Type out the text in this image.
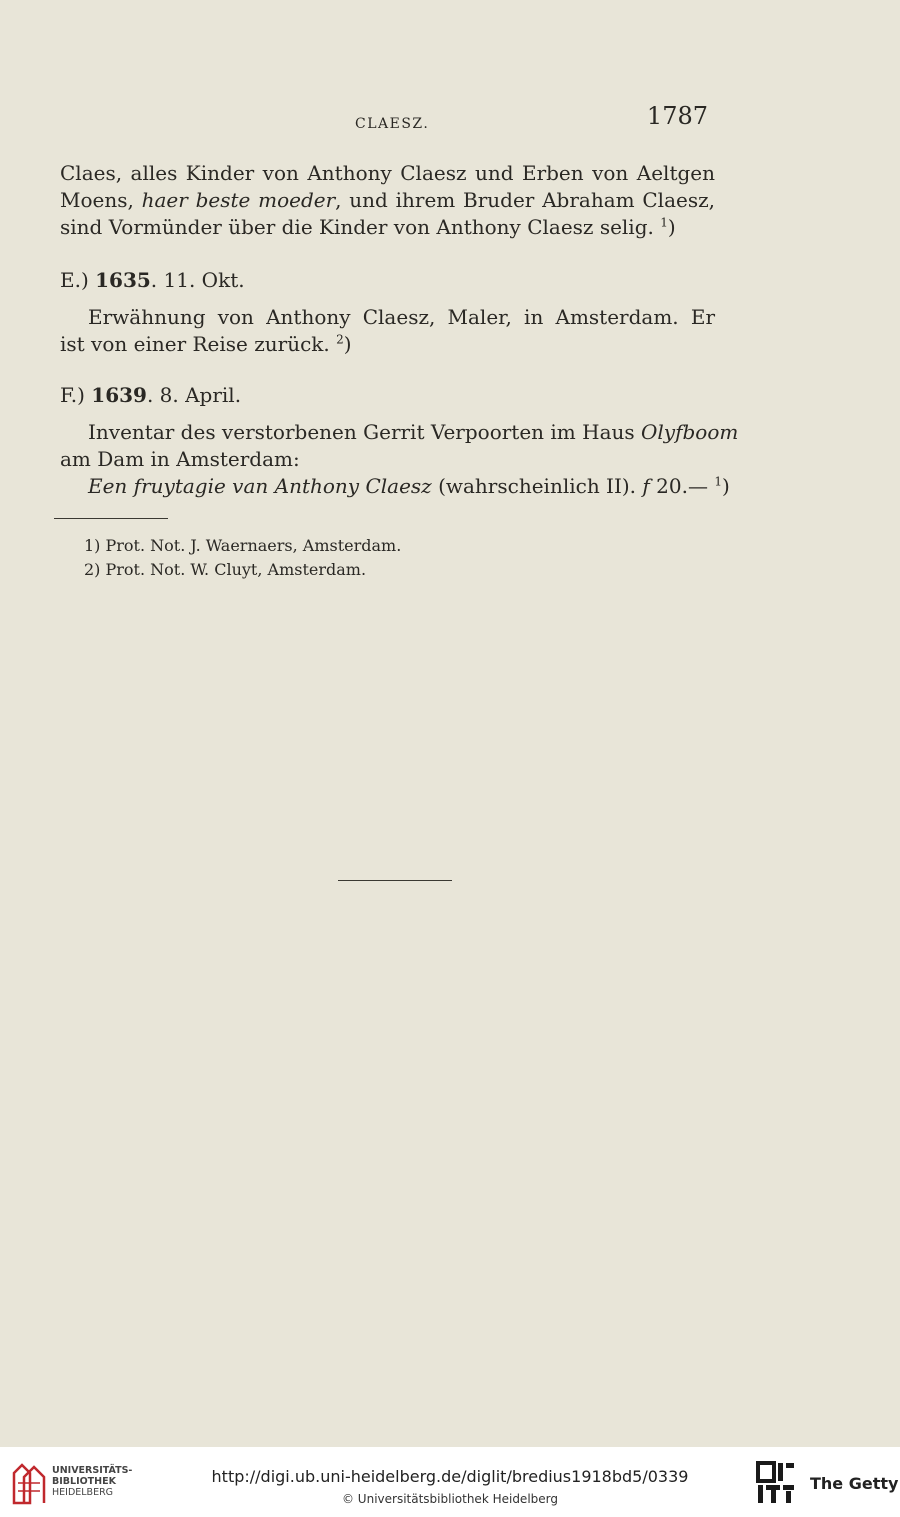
CLAESZ.	1787
Claes, alles Kinder von Anthony Claesz und Erben von Aeltgen
Moens, haer beste moeder, und ihrem Bruder Abraham Claesz,
sind Vormünder über die Kinder von Anthony Claesz selig. $^1$)
E.) 1635. 11. Okt.
Erwähnung von Anthony Claesz, Maler, in Amsterdam. Er
ist von einer Reise zurück. $^2$)
F.) 1639. 8. April.
Inventar des verstorbenen Gerrit Verpoorten im Haus Olyfboom
am Dam in Amsterdam:
Een fruytagie van Anthony Claesz (wahrscheinlich II). f 20.— $^1$)
1) Prot. Not. J. Waernaers, Amsterdam.
2) Prot. Not. W. Cluyt, Amsterdam.
UNIVERSITÄTS-
BIBLIOTHEK
HEIDELBERG
http://digi.ub.uni-heidelberg.de/diglit/bredius1918bd5/0339
© Universitätsbibliothek Heidelberg
The Getty
